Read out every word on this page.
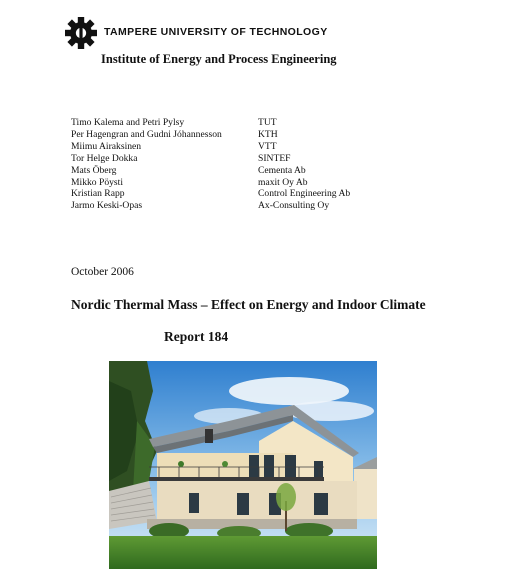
TAMPERE UNIVERSITY OF TECHNOLOGY
Institute of Energy and Process Engineering
Timo Kalema and Petri Pylsy
Per Hagengran and Gudni Jóhannesson
Miimu Airaksinen
Tor Helge Dokka
Mats Öberg
Mikko Pöysti
Kristian Rapp
Jarmo Keski-Opas
TUT
KTH
VTT
SINTEF
Cementa Ab
maxit Oy Ab
Control Engineering Ab
Ax-Consulting Oy
October 2006
Nordic Thermal Mass – Effect on Energy and Indoor Climate
Report 184
